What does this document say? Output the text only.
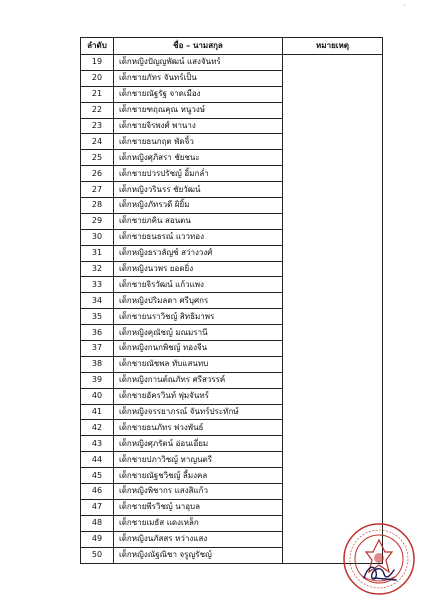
'
ลำดับ	ชื่อ – นามสกุล	หมายเหตุ
19	เด็กหญิงปัญญพัฒน์ แสงจันทร์	
20	เด็กชายภัทร จันทร์เป็น	
21	เด็กชายณัฐรัฐ จาดเมือง	
22	เด็กชายฑฤณคุณ หนูวงษ์	
23	เด็กชายจิรพงศ์ พานาง	
24	เด็กชายธนกฤต พัดจิ้ว	
25	เด็กหญิงศุภิสรา ชัยชนะ	
26	เด็กชายปวรปรัชญ์ อิ้มกล่ำ	
27	เด็กหญิงวรินรร ชัยวัฒน์	
28	เด็กหญิงภัทรวดี ผิยิ้ม	
29	เด็กชายภคิน สอนตน	
30	เด็กชายธนธรณ์ แววทอง	
31	เด็กหญิงธรวลัญช์ สว่างวงศ์	
32	เด็กหญิงนวพร ยอดยิ่ง	
33	เด็กชายจิรวัฒน์ แก้วแพง	
34	เด็กหญิงปริมลดา ศรีบุศกร	
35	เด็กชายนราวิชญ์ สิทธิมาพร	
36	เด็กหญิงคุณัชญ์ มณมรานี	
37	เด็กหญิงกนกพิชญ์ ทองจีน	
38	เด็กชายณัชพล ทับแสนทบ	
39	เด็กหญิงกานต์ณภัทร ศรีสวรรค์	
40	เด็กชายอัครวินท์ พุ่มจันทร์	
41	เด็กหญิงจรรยาภรณ์ จันทร์ประทักษ์	
42	เด็กชายธนภัทร พ่วงพันธ์	
43	เด็กหญิงศุภรัตน์ อ่อนเอี่ยม	
44	เด็กชายปภาวิชญ์ หาญนตรี	
45	เด็กชายณัฐชวิชญ์ ลี้มงคล	
46	เด็กหญิงพิชากร แสงสิแก้ว	
47	เด็กชายพีรวิชญ์ นาอุบล	
48	เด็กชายเมธัส แดงเหล็ก	
49	เด็กหญิงนภัสสร หว่างแสง	
50	เด็กหญิงณัฐณิชา จรูญรัชญ์	
